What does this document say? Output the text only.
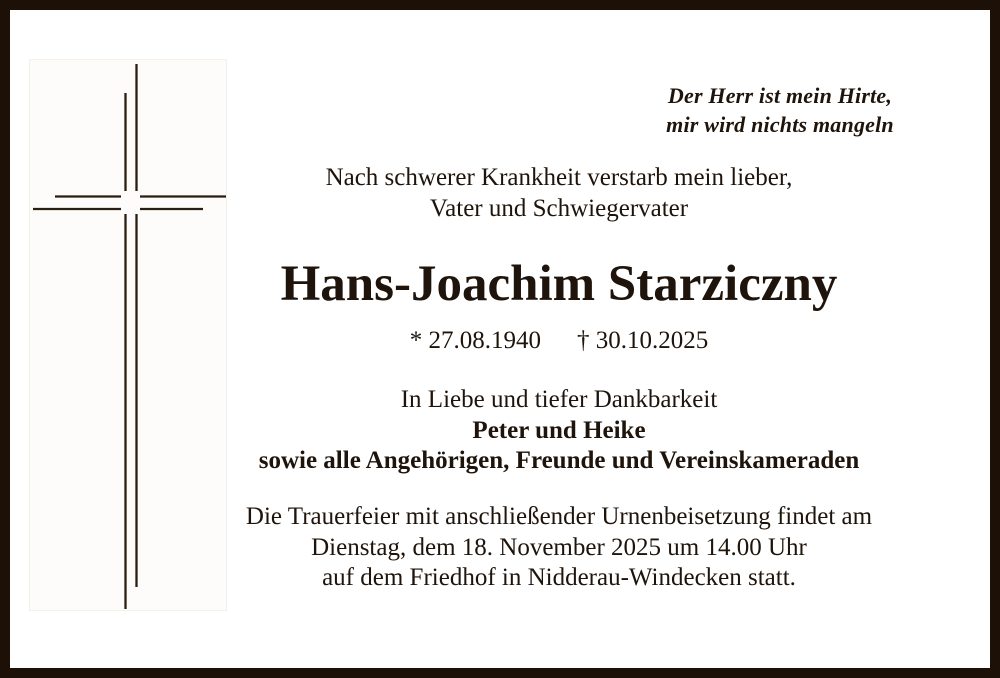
Der Herr ist mein Hirte,
mir wird nichts mangeln
Nach schwerer Krankheit verstarb mein lieber,
Vater und Schwiegervater
Hans-Joachim Starziczny
* 27.08.1940 † 30.10.2025
In Liebe und tiefer Dankbarkeit
Peter und Heike
sowie alle Angehörigen, Freunde und Vereinskameraden
Die Trauerfeier mit anschließender Urnenbeisetzung findet am
Dienstag, dem 18. November 2025 um 14.00 Uhr
auf dem Friedhof in Nidderau-Windecken statt.
